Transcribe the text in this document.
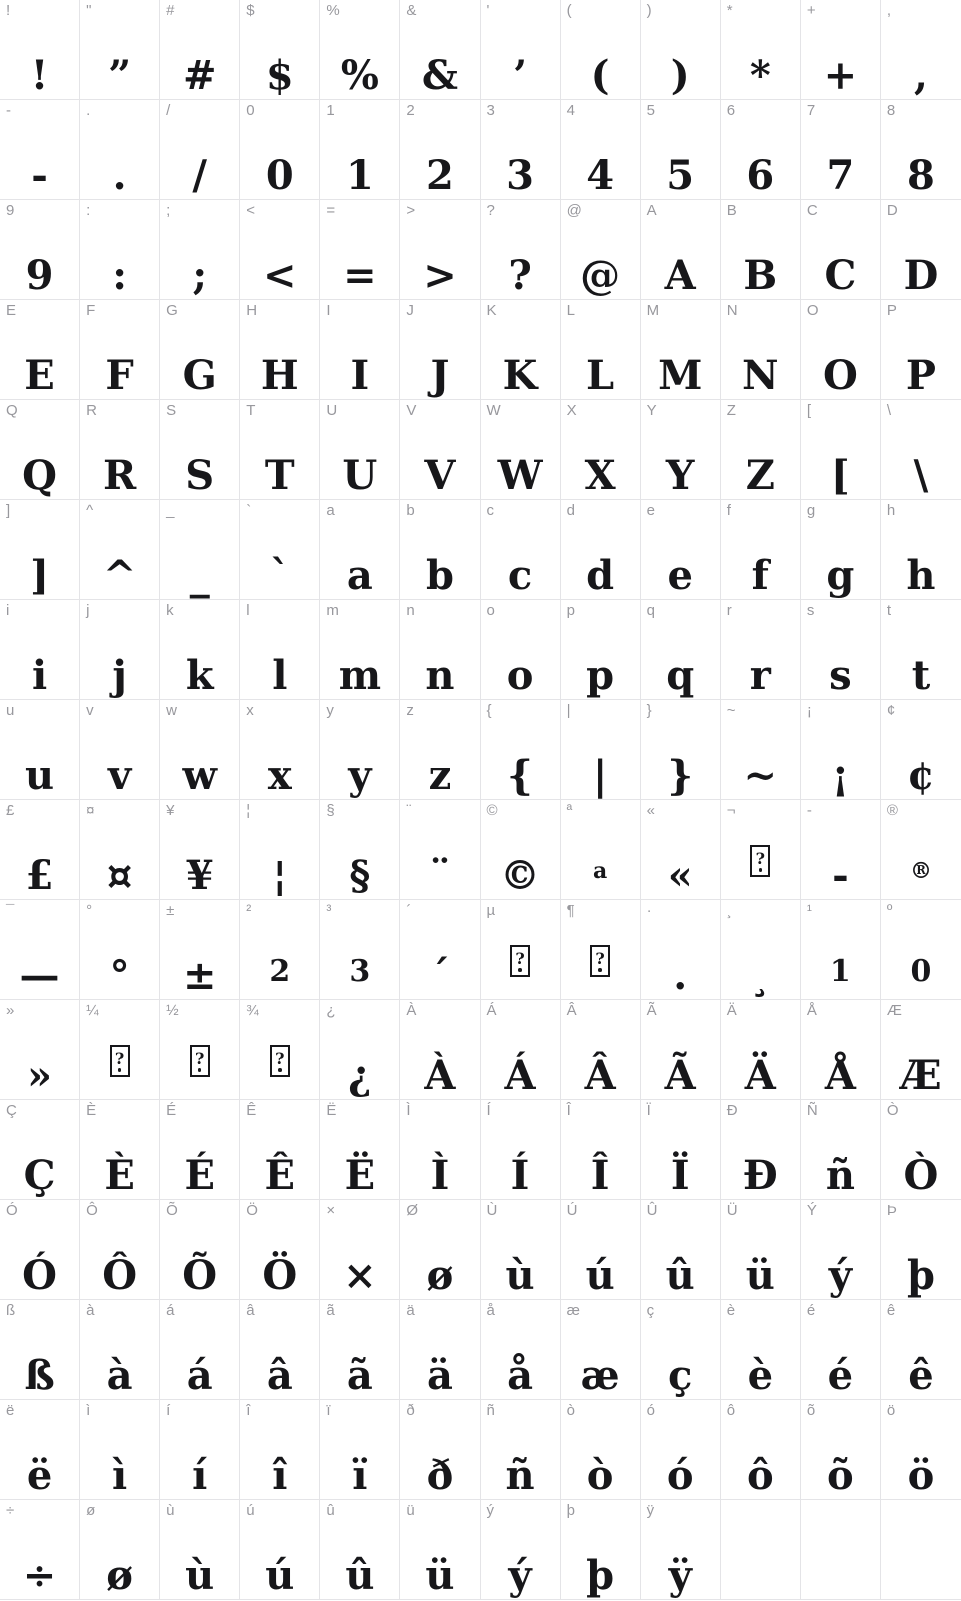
!
!
"
”
#
#
$
$
%
%
&
&
'
’
(
(
)
)
*
*
+
+
,
,
-
-
.
.
/
/
0
0
1
1
2
2
3
3
4
4
5
5
6
6
7
7
8
8
9
9
:
:
;
;
<
<
=
=
>
>
?
?
@
@
A
A
B
B
C
C
D
D
E
E
F
F
G
G
H
H
I
I
J
J
K
K
L
L
M
M
N
N
O
O
P
P
Q
Q
R
R
S
S
T
T
U
U
V
V
W
W
X
X
Y
Y
Z
Z
[
[
\
\
]
]
^
^
_
_
`
`
a
a
b
b
c
c
d
d
e
e
f
f
g
g
h
h
i
i
j
j
k
k
l
l
m
m
n
n
o
o
p
p
q
q
r
r
s
s
t
t
u
u
v
v
w
w
x
x
y
y
z
z
{
{
|
|
}
}
~
~
¡
¡
¢
¢
£
£
¤
¤
¥
¥
¦
¦
§
§
¨
¨
©
©
ª
a
«
«
¬
?
-
-
®
®
¯
—
°
°
±
±
²
2
³
3
´
´
µ
?
¶
?
·
.
¸
¸
¹
1
º
0
»
»
¼
?
½
?
¾
?
¿
¿
À
À
Á
Á
Â
Â
Ã
Ã
Ä
Ä
Å
Å
Æ
Æ
Ç
Ç
È
È
É
É
Ê
Ê
Ë
Ë
Ì
Ì
Í
Í
Î
Î
Ï
Ï
Ð
Ð
Ñ
ñ
Ò
Ò
Ó
Ó
Ô
Ô
Õ
Õ
Ö
Ö
×
×
Ø
ø
Ù
ù
Ú
ú
Û
û
Ü
ü
Ý
ý
Þ
þ
ß
ß
à
à
á
á
â
â
ã
ã
ä
ä
å
å
æ
æ
ç
ç
è
è
é
é
ê
ê
ë
ë
ì
ì
í
í
î
î
ï
ï
ð
ð
ñ
ñ
ò
ò
ó
ó
ô
ô
õ
õ
ö
ö
÷
÷
ø
ø
ù
ù
ú
ú
û
û
ü
ü
ý
ý
þ
þ
ÿ
ÿ
